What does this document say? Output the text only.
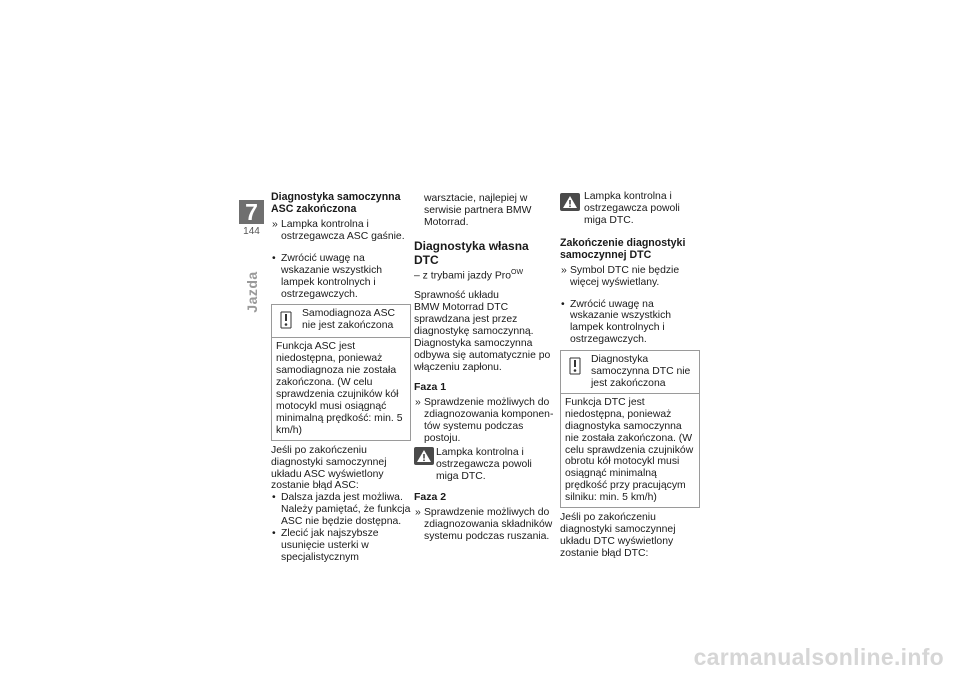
7
144
Jazda
Diagnostyka samoczynna ASC zakończona
» Lampka kontrolna i ostrzegawcza ASC gaśnie.
• Zwrócić uwagę na wskazanie wszystkich lampek kontrolnych i ostrzegawczych.
Samodiagnoza ASC nie jest zakończona
Funkcja ASC jest niedostępna, ponieważ samodiagnoza nie została zakończona. (W celu sprawdzenia czujników kół motocykl musi osiągnąć minimalną prędkość: min. 5 km/h)

Jeśli po zakończeniu diagnostyki samoczynnej układu ASC wyświetlony zostanie błąd ASC:

• Dalsza jazda jest możliwa. Należy pamiętać, że funkcja ASC nie będzie dostępna.
• Zlecić jak najszybsze usunięcie usterki w specjalistycznym
warsztacie, najlepiej w serwisie partnera BMW Motorrad.
Diagnostyka własna DTC
– z trybami jazdy Pro$^{OW}$

Sprawność układu
BMW Motorrad DTC sprawdzana jest przez diagnostykę samoczynną. Diagnostyka samoczynna odbywa się automatycznie po włączeniu zapłonu.

Faza 1
» Sprawdzenie możliwych do zdiagnozowania komponentów systemu podczas postoju.
Lampka kontrolna i ostrzegawcza powoli miga DTC.
Faza 2
» Sprawdzenie możliwych do zdiagnozowania składników systemu podczas ruszania.
Lampka kontrolna i ostrzegawcza powoli miga DTC.
Zakończenie diagnostyki samoczynnej DTC
» Symbol DTC nie będzie więcej wyświetlany.
• Zwrócić uwagę na wskazanie wszystkich lampek kontrolnych i ostrzegawczych.
Diagnostyka samoczynna DTC nie jest zakończona
Funkcja DTC jest niedostępna, ponieważ diagnostyka samoczynna nie została zakończona. (W celu sprawdzenia czujników obrotu kół motocykl musi osiągnąć minimalną prędkość przy pracującym silniku: min. 5 km/h)

Jeśli po zakończeniu diagnostyki samoczynnej układu DTC wyświetlony zostanie błąd DTC:

carmanualsonline.info
